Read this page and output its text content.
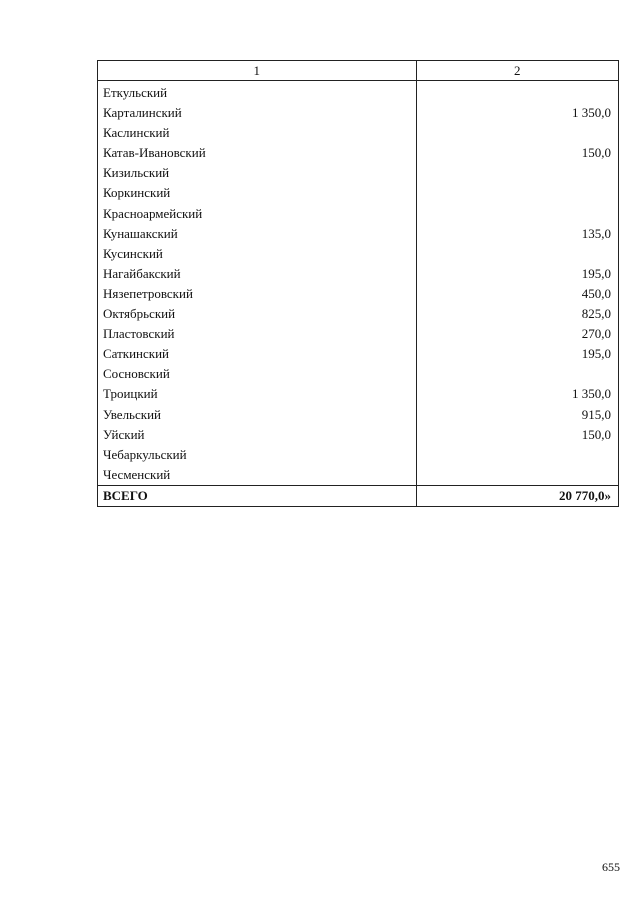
1	2
Еткульский	
Карталинский	1 350,0
Каслинский	
Катав-Ивановский	150,0
Кизильский	
Коркинский	
Красноармейский	
Кунашакский	135,0
Кусинский	
Нагайбакский	195,0
Нязепетровский	450,0
Октябрьский	825,0
Пластовский	270,0
Саткинский	195,0
Сосновский	
Троицкий	1 350,0
Увельский	915,0
Уйский	150,0
Чебаркульский	
Чесменский	
ВСЕГО	20 770,0»
655
